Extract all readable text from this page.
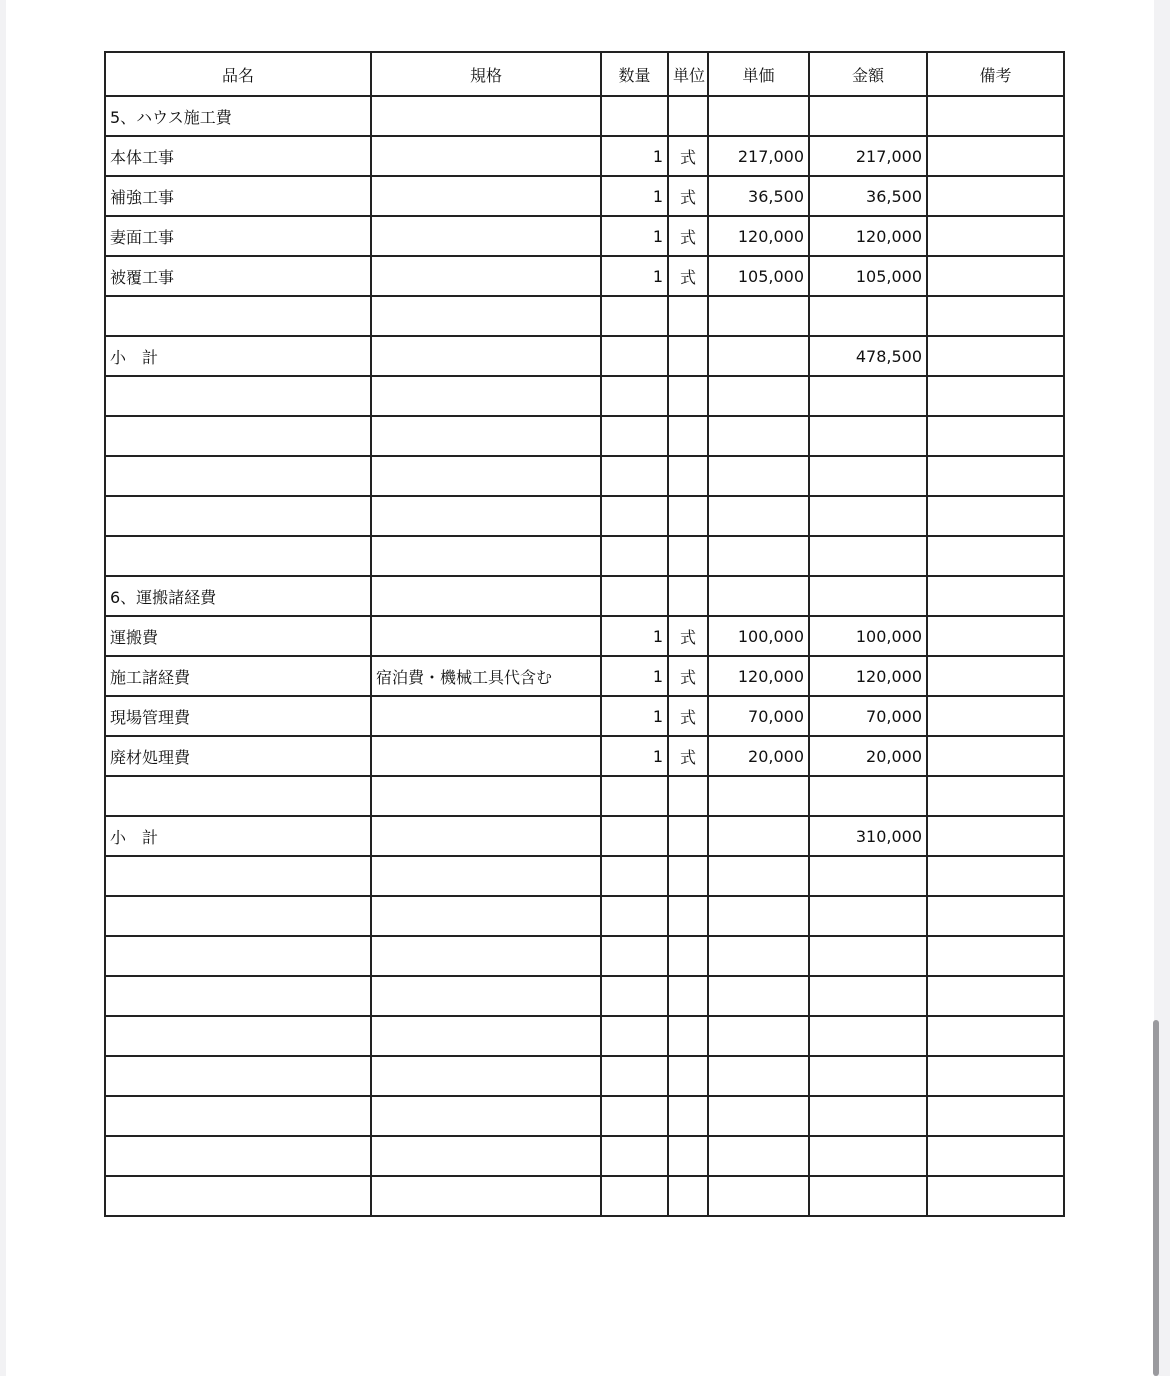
品名	規格	数量	単位	単価	金額	備考
5、ハウス施工費						
本体工事		1	式	217,000	217,000	
補強工事		1	式	36,500	36,500	
妻面工事		1	式	120,000	120,000	
被覆工事		1	式	105,000	105,000	

小　計					478,500	

6、運搬諸経費						
運搬費		1	式	100,000	100,000	
施工諸経費	宿泊費・機械工具代含む	1	式	120,000	120,000	
現場管理費		1	式	70,000	70,000	
廃材処理費		1	式	20,000	20,000	

小　計					310,000	
